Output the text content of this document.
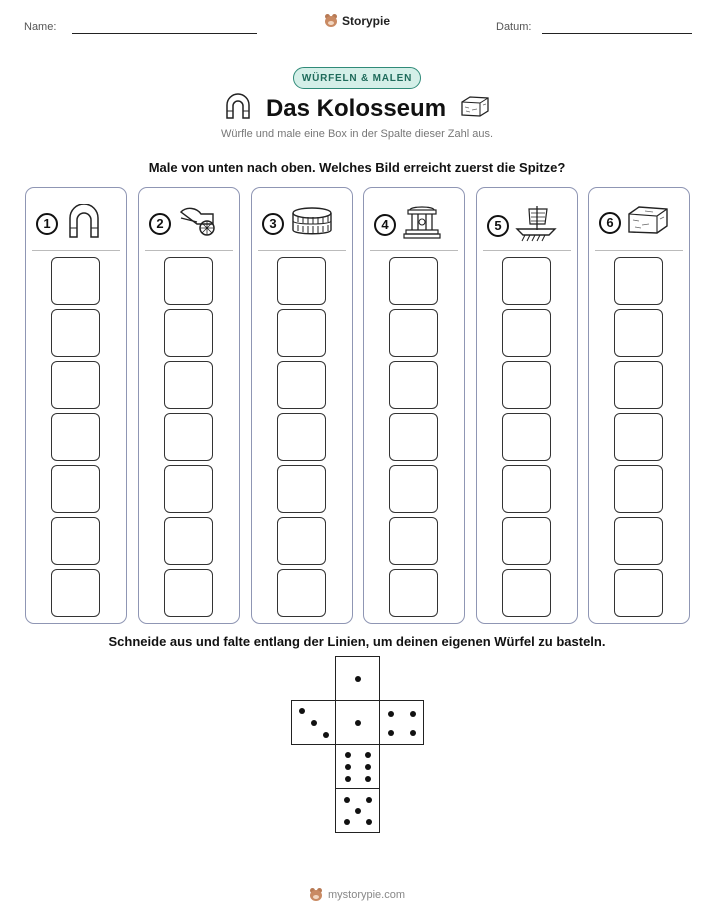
Name:	Storypie	Datum:
WÜRFELN & MALEN
Das Kolosseum
Würfle und male eine Box in der Spalte dieser Zahl aus.
Male von unten nach oben. Welches Bild erreicht zuerst die Spitze?
1	2	3	4	5	6
Schneide aus und falte entlang der Linien, um deinen eigenen Würfel zu basteln.
mystorypie.com
